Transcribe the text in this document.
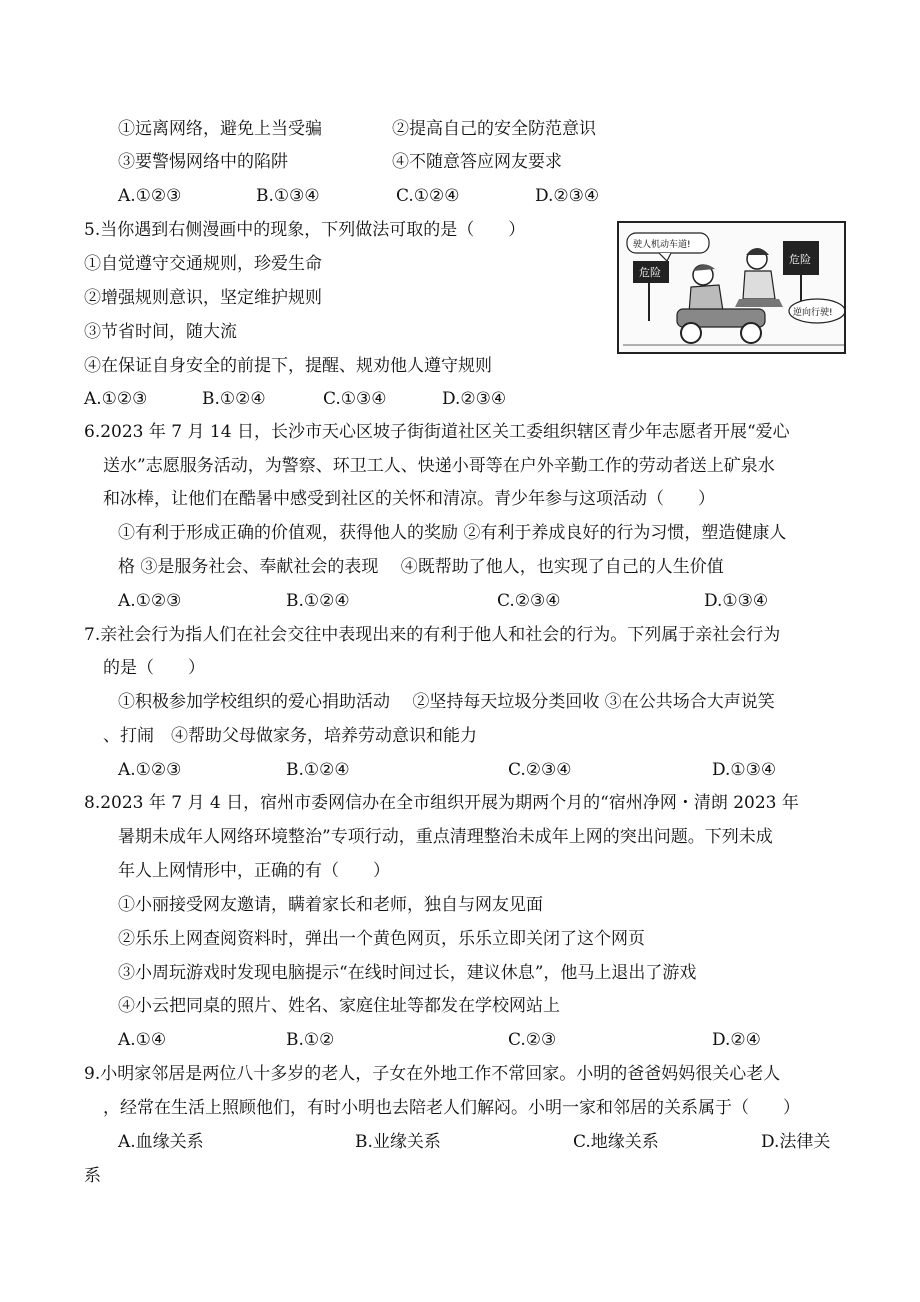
①远离网络，避免上当受骗	②提高自己的安全防范意识
③要警惕网络中的陷阱	④不随意答应网友要求
A.①②③	B.①③④	C.①②④	D.②③④
5.当你遇到右侧漫画中的现象，下列做法可取的是（　　）
①自觉遵守交通规则，珍爱生命
②增强规则意识，坚定维护规则
③节省时间，随大流
④在保证自身安全的前提下，提醒、规劝他人遵守规则
A.①②③	B.①②④	C.①③④	D.②③④
驶人机动车道!
危险
危险
逆向行驶!
6.2023 年 7 月 14 日，长沙市天心区坡子街街道社区关工委组织辖区青少年志愿者开展“爱心
送水”志愿服务活动，为警察、环卫工人、快递小哥等在户外辛勤工作的劳动者送上矿泉水
和冰棒，让他们在酷暑中感受到社区的关怀和清凉。青少年参与这项活动（　　）
①有利于形成正确的价值观，获得他人的奖励 ②有利于养成良好的行为习惯，塑造健康人
格 ③是服务社会、奉献社会的表现　 ④既帮助了他人，也实现了自己的人生价值
A.①②③	B.①②④	C.②③④	D.①③④
7.亲社会行为指人们在社会交往中表现出来的有利于他人和社会的行为。下列属于亲社会行为
的是（　　）
①积极参加学校组织的爱心捐助活动　 ②坚持每天垃圾分类回收 ③在公共场合大声说笑
、打闹　④帮助父母做家务，培养劳动意识和能力
A.①②③	B.①②④	C.②③④	D.①③④
8.2023 年 7 月 4 日，宿州市委网信办在全市组织开展为期两个月的“宿州净网・清朗 2023 年
暑期未成年人网络环境整治”专项行动，重点清理整治未成年上网的突出问题。下列未成
年人上网情形中，正确的有（　　）
①小丽接受网友邀请，瞒着家长和老师，独自与网友见面
②乐乐上网查阅资料时，弹出一个黄色网页，乐乐立即关闭了这个网页
③小周玩游戏时发现电脑提示“在线时间过长，建议休息”，他马上退出了游戏
④小云把同桌的照片、姓名、家庭住址等都发在学校网站上
A.①④	B.①②	C.②③	D.②④
9.小明家邻居是两位八十多岁的老人，子女在外地工作不常回家。小明的爸爸妈妈很关心老人
，经常在生活上照顾他们，有时小明也去陪老人们解闷。小明一家和邻居的关系属于（　　）
A.血缘关系	B.业缘关系	C.地缘关系	D.法律关
系
